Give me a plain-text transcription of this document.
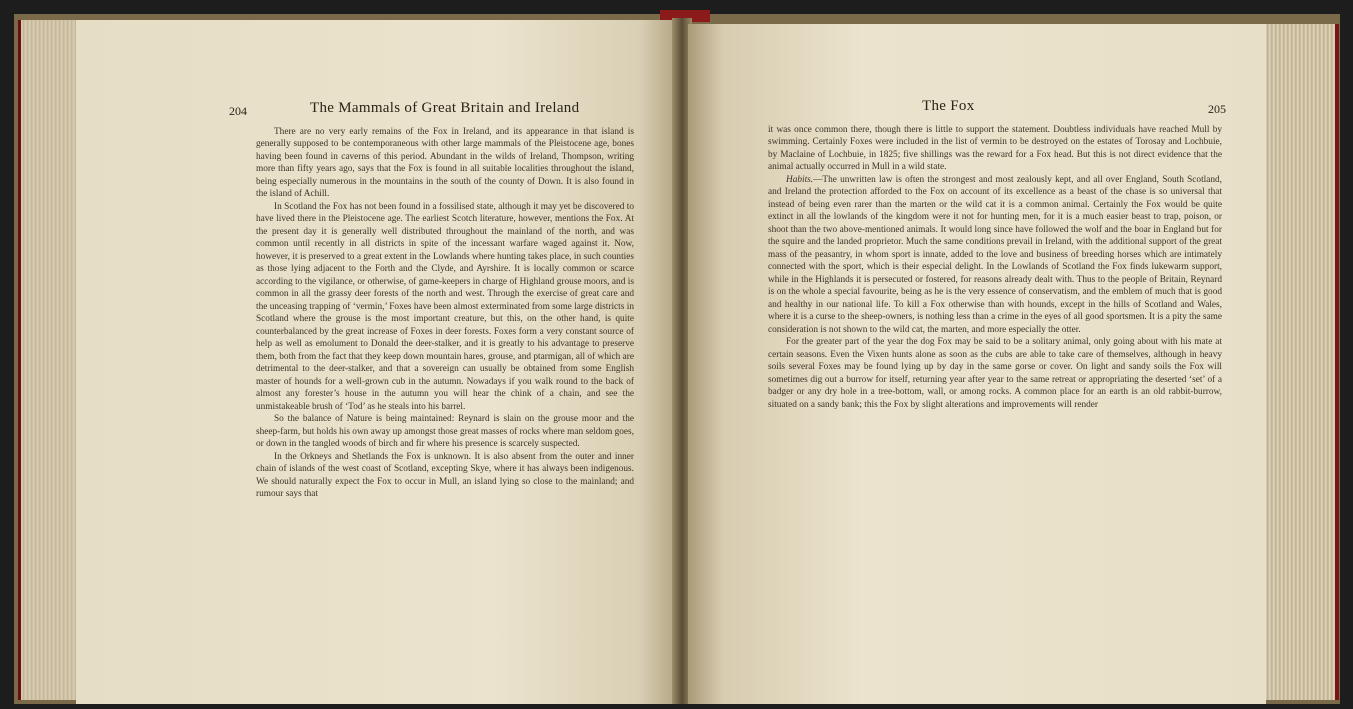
204	The Mammals of Great Britain and Ireland

There are no very early remains of the Fox in Ireland, and its appearance in that island is generally supposed to be contemporaneous with other large mammals of the Pleistocene age, bones having been found in caverns of this period. Abundant in the wilds of Ireland, Thompson, writing more than fifty years ago, says that the Fox is found in all suitable localities throughout the island, being especially numerous in the mountains in the south of the county of Down. It is also found in the island of Achill.

In Scotland the Fox has not been found in a fossilised state, although it may yet be discovered to have lived there in the Pleistocene age. The earliest Scotch literature, however, mentions the Fox. At the present day it is generally well distributed throughout the mainland of the north, and was common until recently in all districts in spite of the incessant warfare waged against it. Now, however, it is preserved to a great extent in the Lowlands where hunting takes place, in such counties as those lying adjacent to the Forth and the Clyde, and Ayrshire. It is locally common or scarce according to the vigilance, or otherwise, of game-keepers in charge of Highland grouse moors, and is common in all the grassy deer forests of the north and west. Through the exercise of great care and the unceasing trapping of ‘vermin,’ Foxes have been almost exterminated from some large districts in Scotland where the grouse is the most important creature, but this, on the other hand, is quite counterbalanced by the great increase of Foxes in deer forests. Foxes form a very constant source of help as well as emolument to Donald the deer-stalker, and it is greatly to his advantage to preserve them, both from the fact that they keep down mountain hares, grouse, and ptarmigan, all of which are detrimental to the deer-stalker, and that a sovereign can usually be obtained from some English master of hounds for a well-grown cub in the autumn. Nowadays if you walk round to the back of almost any forester’s house in the autumn you will hear the chink of a chain, and see the unmistakeable brush of ‘Tod’ as he steals into his barrel.

So the balance of Nature is being maintained: Reynard is slain on the grouse moor and the sheep-farm, but holds his own away up amongst those great masses of rocks where man seldom goes, or down in the tangled woods of birch and fir where his presence is scarcely suspected.

In the Orkneys and Shetlands the Fox is unknown. It is also absent from the outer and inner chain of islands of the west coast of Scotland, excepting Skye, where it has always been indigenous. We should naturally expect the Fox to occur in Mull, an island lying so close to the mainland; and rumour says that

The Fox	205

it was once common there, though there is little to support the statement. Doubtless individuals have reached Mull by swimming. Certainly Foxes were included in the list of vermin to be destroyed on the estates of Torosay and Lochbuie, by Maclaine of Lochbuie, in 1825; five shillings was the reward for a Fox head. But this is not direct evidence that the animal actually occurred in Mull in a wild state.

Habits.—The unwritten law is often the strongest and most zealously kept, and all over England, South Scotland, and Ireland the protection afforded to the Fox on account of its excellence as a beast of the chase is so universal that instead of being even rarer than the marten or the wild cat it is a common animal. Certainly the Fox would be quite extinct in all the lowlands of the kingdom were it not for hunting men, for it is a much easier beast to trap, poison, or shoot than the two above-mentioned animals. It would long since have followed the wolf and the boar in England but for the squire and the landed proprietor. Much the same conditions prevail in Ireland, with the additional support of the great mass of the peasantry, in whom sport is innate, added to the love and business of breeding horses which are intimately connected with the sport, which is their especial delight. In the Lowlands of Scotland the Fox finds lukewarm support, while in the Highlands it is persecuted or fostered, for reasons already dealt with. Thus to the people of Britain, Reynard is on the whole a special favourite, being as he is the very essence of conservatism, and the emblem of much that is good and healthy in our national life. To kill a Fox otherwise than with hounds, except in the hills of Scotland and Wales, where it is a curse to the sheep-owners, is nothing less than a crime in the eyes of all good sportsmen. It is a pity the same consideration is not shown to the wild cat, the marten, and more especially the otter.

For the greater part of the year the dog Fox may be said to be a solitary animal, only going about with his mate at certain seasons. Even the Vixen hunts alone as soon as the cubs are able to take care of themselves, although in heavy soils several Foxes may be found lying up by day in the same gorse or cover. On light and sandy soils the Fox will sometimes dig out a burrow for itself, returning year after year to the same retreat or appropriating the deserted ‘set’ of a badger or any dry hole in a tree-bottom, wall, or among rocks. A common place for an earth is an old rabbit-burrow, situated on a sandy bank; this the Fox by slight alterations and improvements will render
